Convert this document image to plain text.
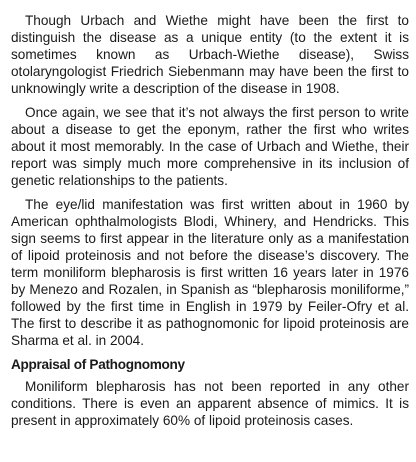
Though Urbach and Wiethe might have been the first to distinguish the disease as a unique entity (to the extent it is sometimes known as Urbach-Wiethe disease), Swiss otolaryngologist Friedrich Siebenmann may have been the first to unknowingly write a description of the disease in 1908.

Once again, we see that it’s not always the first person to write about a disease to get the eponym, rather the first who writes about it most memorably. In the case of Urbach and Wiethe, their report was simply much more comprehensive in its inclusion of genetic relationships to the patients.

The eye/lid manifestation was first written about in 1960 by American ophthalmologists Blodi, Whinery, and Hendricks. This sign seems to first appear in the literature only as a manifestation of lipoid proteinosis and not before the disease’s discovery. The term moniliform blepharosis is first written 16 years later in 1976 by Menezo and Rozalen, in Spanish as “blepharosis moniliforme,” followed by the first time in English in 1979 by Feiler-Ofry et al. The first to describe it as pathognomonic for lipoid proteinosis are Sharma et al. in 2004.

Appraisal of Pathognomony

Moniliform blepharosis has not been reported in any other conditions. There is even an apparent absence of mimics. It is present in approximately 60% of lipoid proteinosis cases.
